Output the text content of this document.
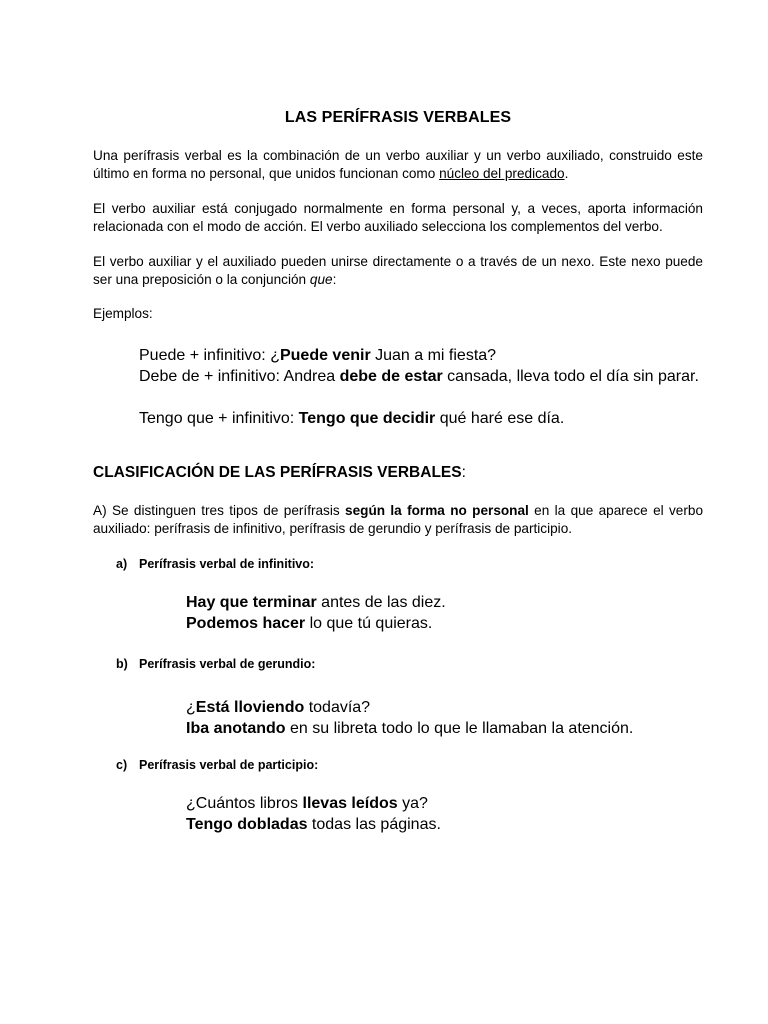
LAS PERÍFRASIS VERBALES

Una perífrasis verbal es la combinación de un verbo auxiliar y un verbo auxiliado, construido este último en forma no personal, que unidos funcionan como núcleo del predicado.

El verbo auxiliar está conjugado normalmente en forma personal y, a veces, aporta información relacionada con el modo de acción. El verbo auxiliado selecciona los complementos del verbo.

El verbo auxiliar y el auxiliado pueden unirse directamente o a través de un nexo. Este nexo puede ser una preposición o la conjunción que:

Ejemplos:
Puede + infinitivo: ¿Puede venir Juan a mi fiesta?

Debe de + infinitivo: Andrea debe de estar cansada, lleva todo el día sin parar.

Tengo que + infinitivo: Tengo que decidir qué haré ese día.
CLASIFICACIÓN DE LAS PERÍFRASIS VERBALES:

A) Se distinguen tres tipos de perífrasis según la forma no personal en la que aparece el verbo auxiliado: perífrasis de infinitivo, perífrasis de gerundio y perífrasis de participio.

a) Perífrasis verbal de infinitivo:
Hay que terminar antes de las diez.
Podemos hacer lo que tú quieras.
b) Perífrasis verbal de gerundio:
¿Está lloviendo todavía?
Iba anotando en su libreta todo lo que le llamaban la atención.
c) Perífrasis verbal de participio:
¿Cuántos libros llevas leídos ya?
Tengo dobladas todas las páginas.
